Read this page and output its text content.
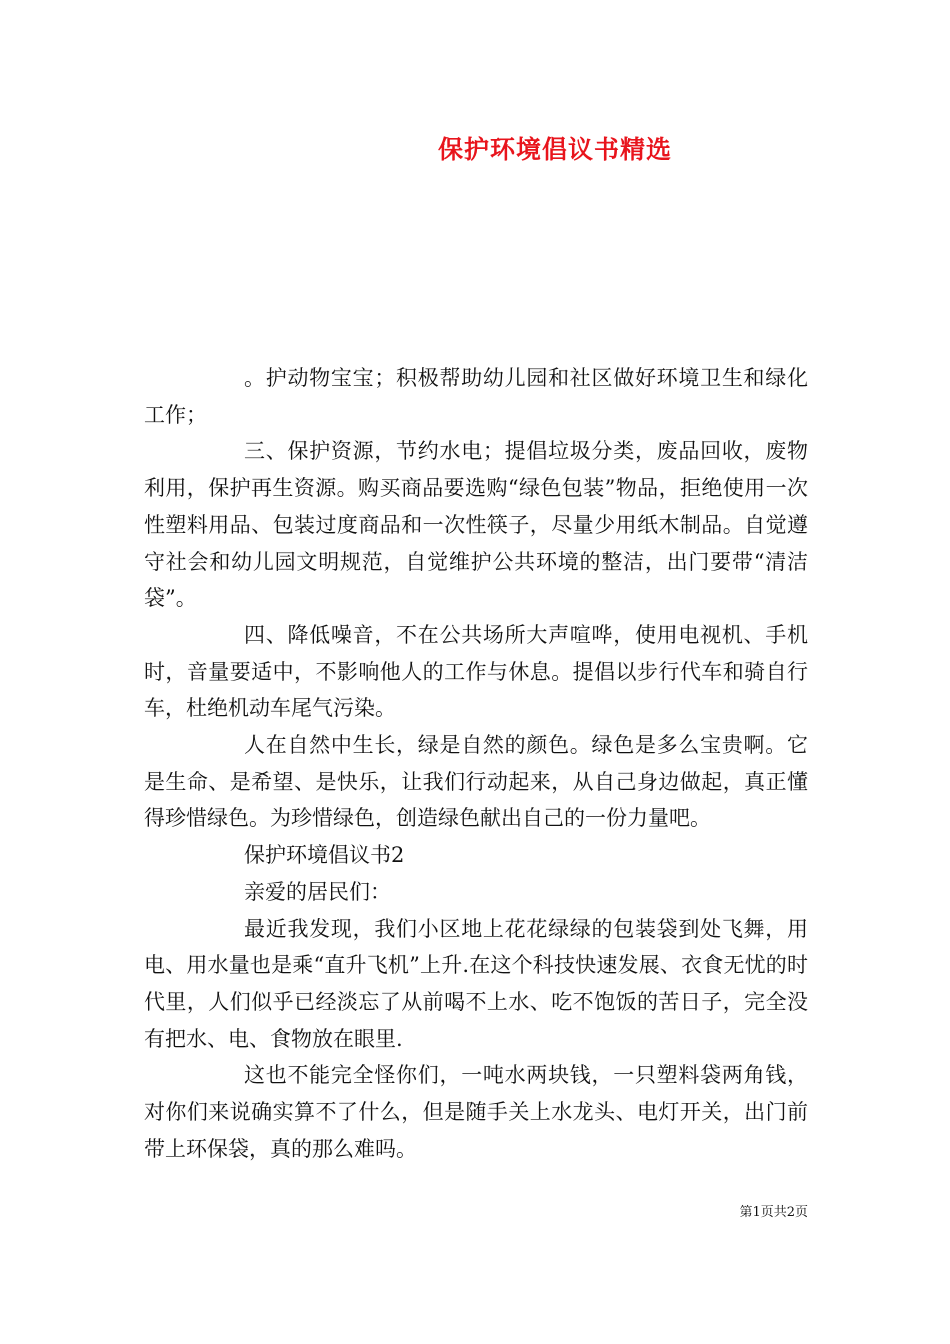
保护环境倡议书精选

。护动物宝宝；积极帮助幼儿园和社区做好环境卫生和绿化工作；

三、保护资源，节约水电；提倡垃圾分类，废品回收，废物利用，保护再生资源。购买商品要选购“绿色包装”物品，拒绝使用一次性塑料用品、包装过度商品和一次性筷子，尽量少用纸木制品。自觉遵守社会和幼儿园文明规范，自觉维护公共环境的整洁，出门要带“清洁袋”。

四、降低噪音，不在公共场所大声喧哗，使用电视机、手机时，音量要适中，不影响他人的工作与休息。提倡以步行代车和骑自行车，杜绝机动车尾气污染。

人在自然中生长，绿是自然的颜色。绿色是多么宝贵啊。它是生命、是希望、是快乐，让我们行动起来，从自己身边做起，真正懂得珍惜绿色。为珍惜绿色，创造绿色献出自己的一份力量吧。

保护环境倡议书2

亲爱的居民们：

最近我发现，我们小区地上花花绿绿的包装袋到处飞舞，用电、用水量也是乘“直升飞机”上升.在这个科技快速发展、衣食无忧的时代里，人们似乎已经淡忘了从前喝不上水、吃不饱饭的苦日子，完全没有把水、电、食物放在眼里.

这也不能完全怪你们，一吨水两块钱，一只塑料袋两角钱，对你们来说确实算不了什么，但是随手关上水龙头、电灯开关，出门前带上环保袋，真的那么难吗。

第1页共2页
